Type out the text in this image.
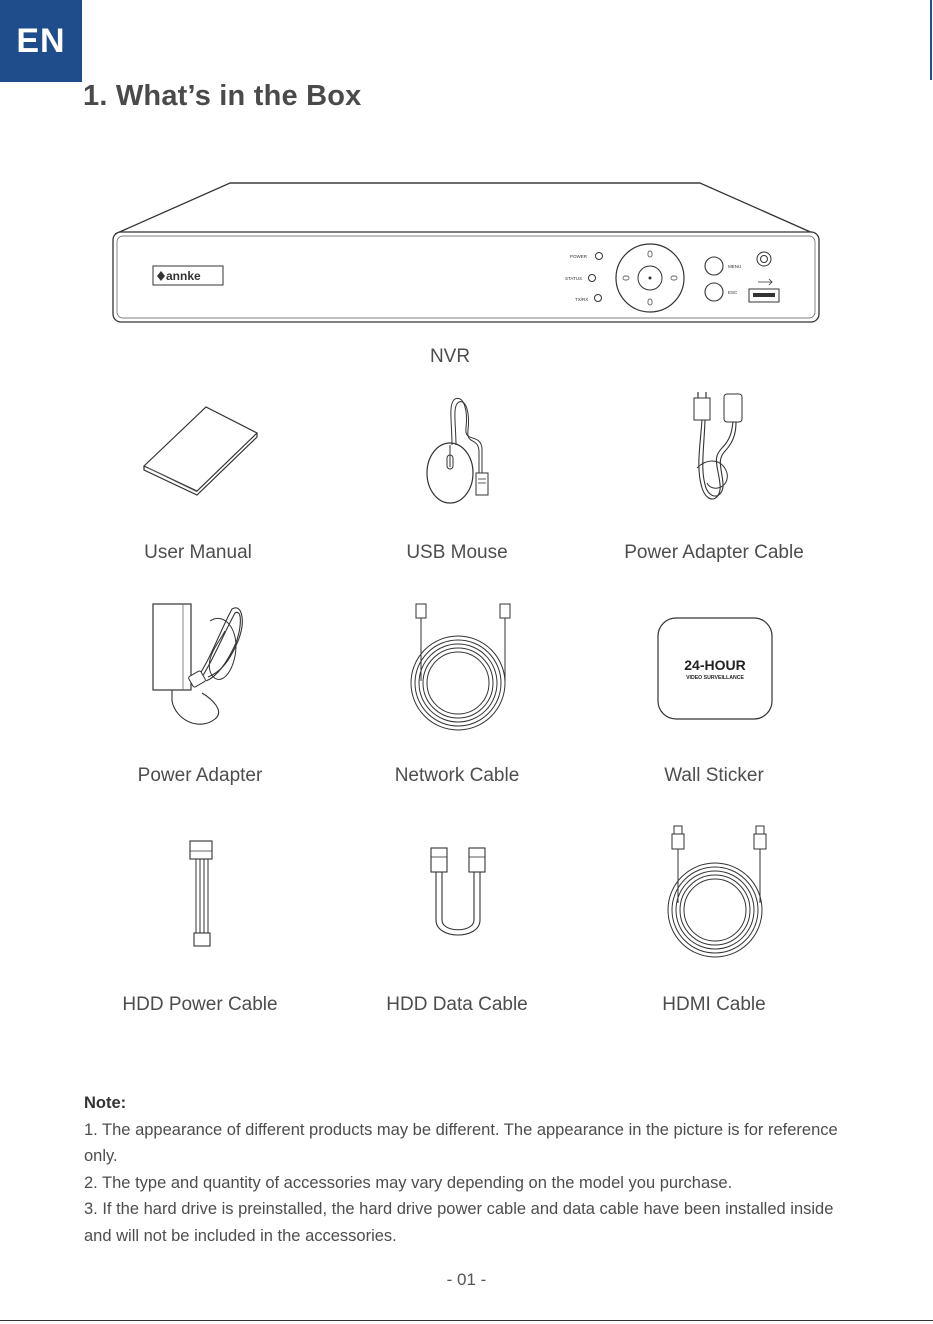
EN
1. What’s in the Box
annke
POWER
STATUS
TX/RX
MENU
ESC
NVR
User Manual	USB Mouse	Power Adapter Cable
Power Adapter	Network Cable
24-HOUR
VIDEO SURVEILLANCE
Wall Sticker
HDD Power Cable	HDD Data Cable	HDMI Cable
Note:
1. The appearance of different products may be different. The appearance in the picture is for reference only.
2. The type and quantity of accessories may vary depending on the model you purchase.
3. If the hard drive is preinstalled, the hard drive power cable and data cable have been installed inside and will not be included in the accessories.
- 01 -
